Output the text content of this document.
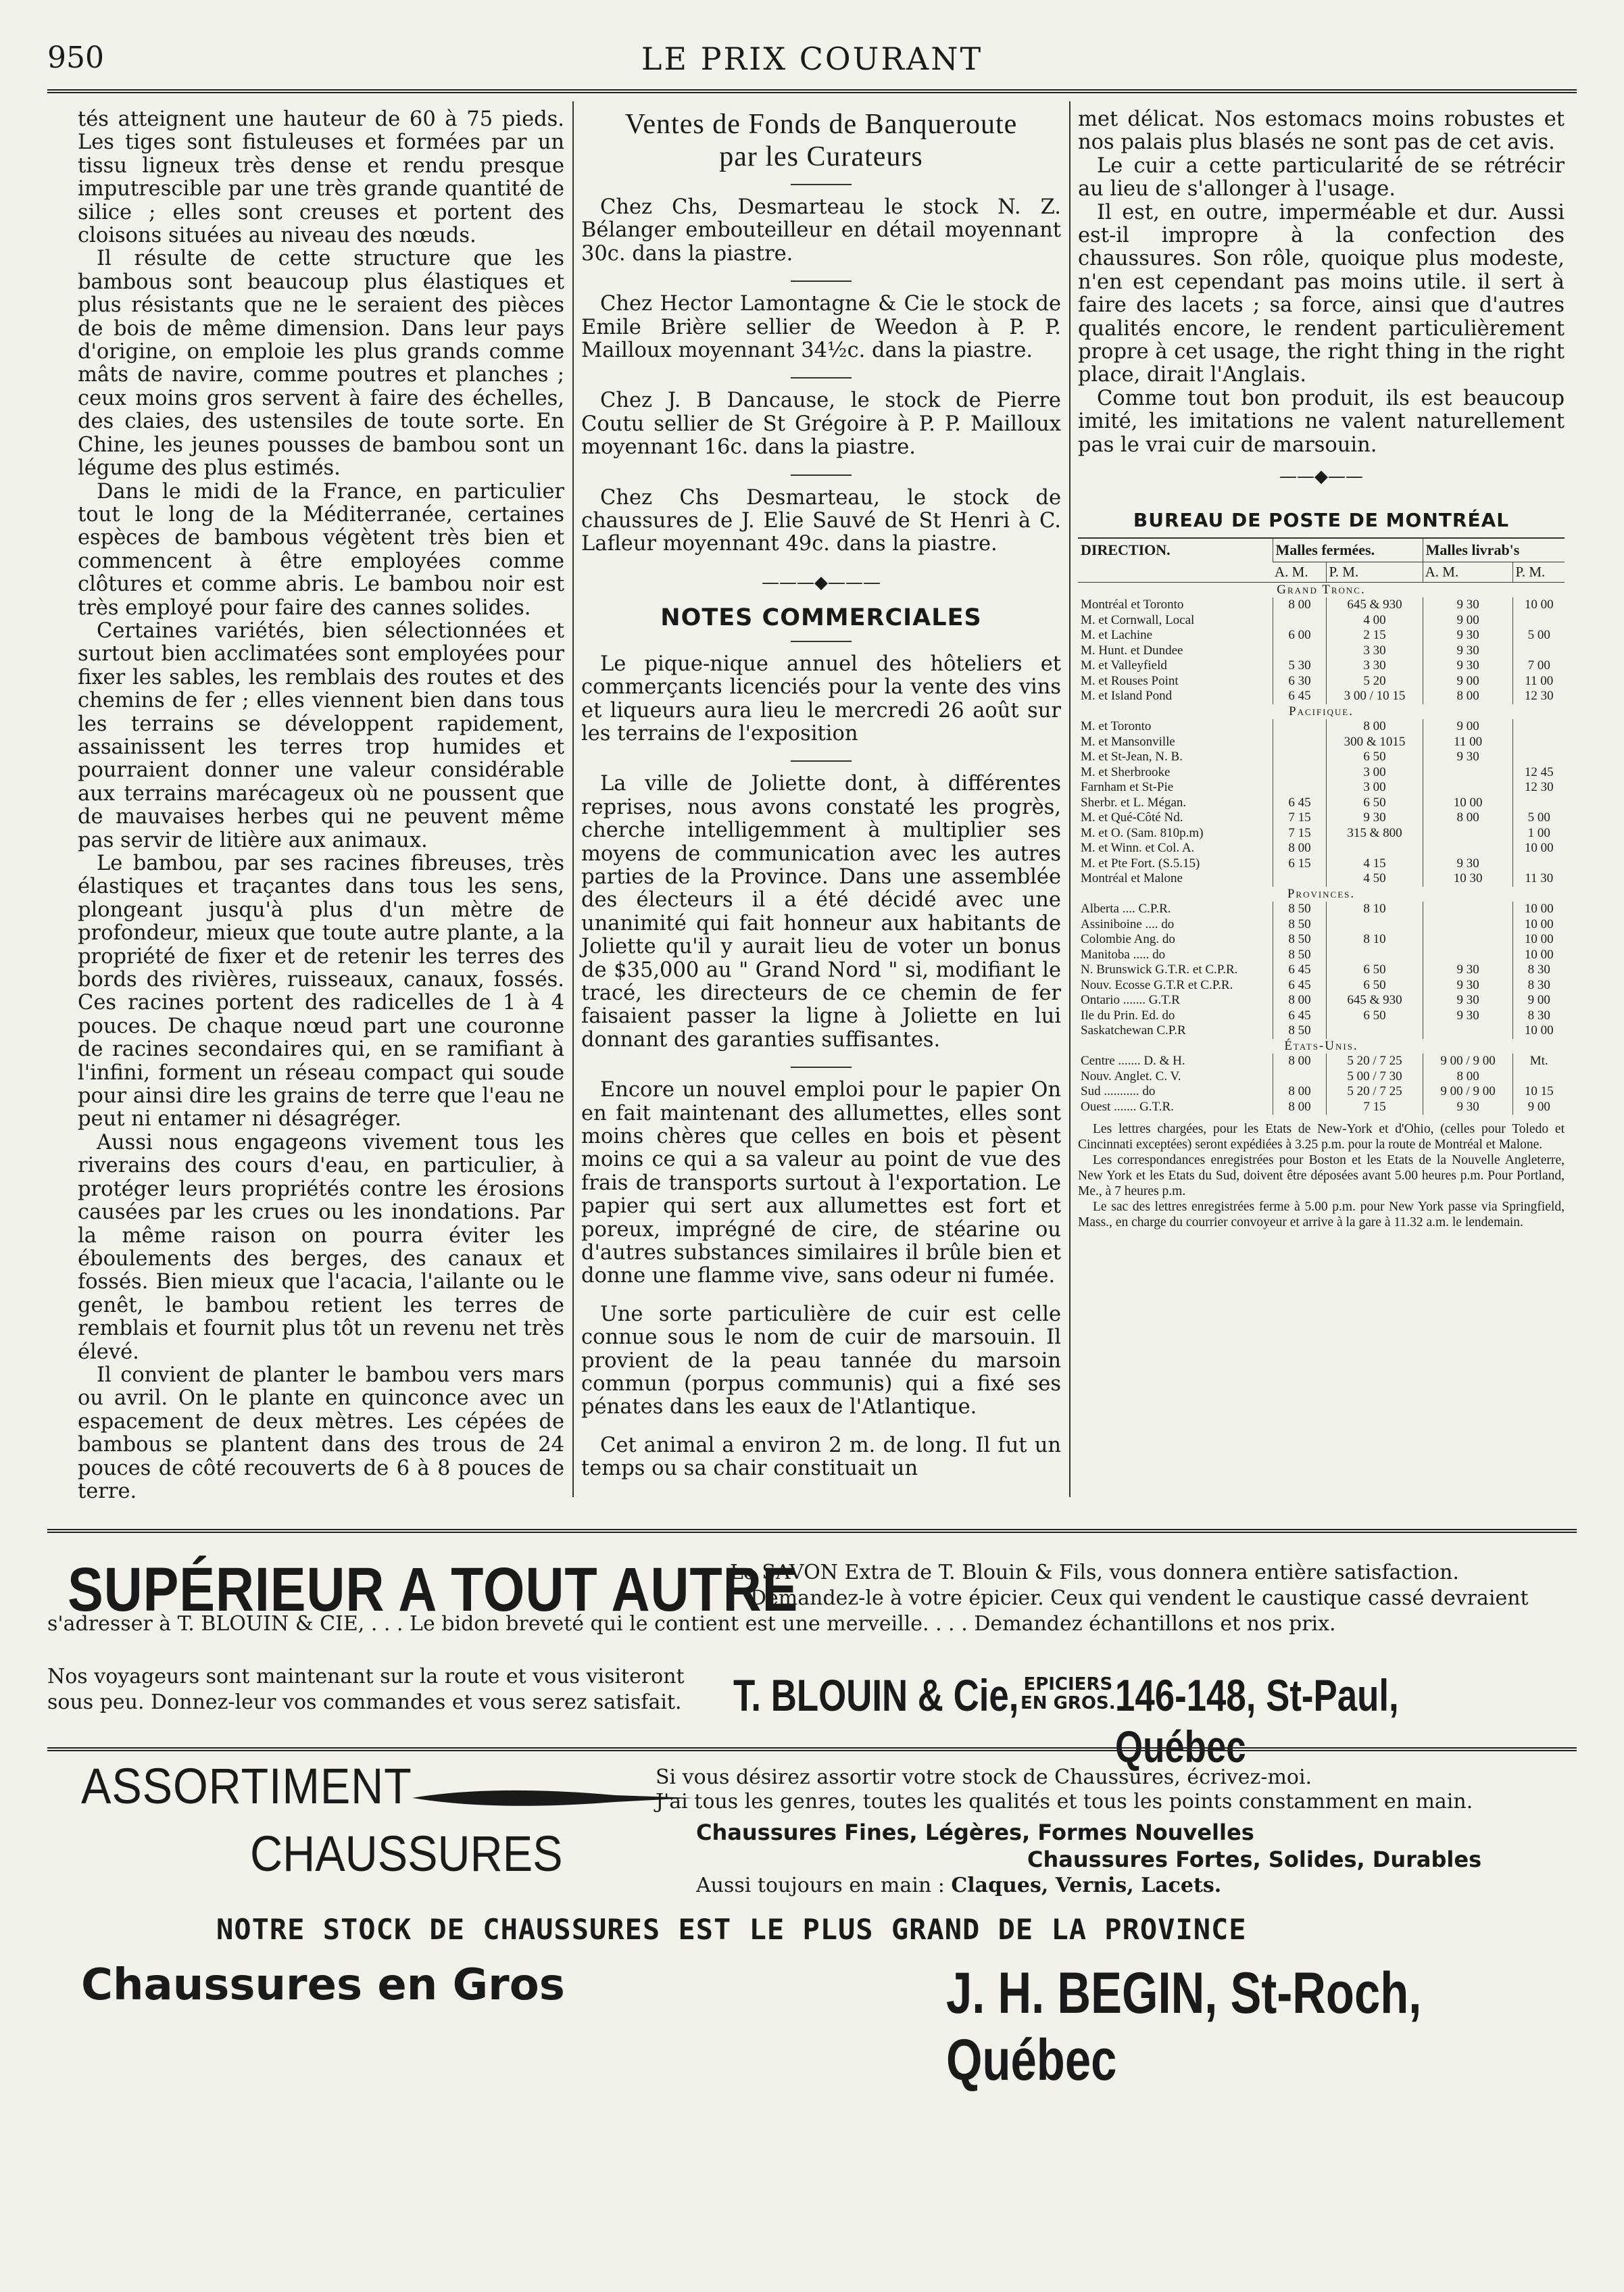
950	LE PRIX COURANT

tés atteignent une hauteur de 60 à 75 pieds. Les tiges sont fistuleuses et formées par un tissu ligneux très dense et rendu presque imputrescible par une très grande quantité de silice ; elles sont creuses et portent des cloisons situées au niveau des nœuds.

Il résulte de cette structure que les bambous sont beaucoup plus élastiques et plus résistants que ne le seraient des pièces de bois de même dimension. Dans leur pays d'origine, on emploie les plus grands comme mâts de navire, comme poutres et planches ; ceux moins gros servent à faire des échelles, des claies, des ustensiles de toute sorte. En Chine, les jeunes pousses de bambou sont un légume des plus estimés.

Dans le midi de la France, en particulier tout le long de la Méditerranée, certaines espèces de bambous végètent très bien et commencent à être employées comme clôtures et comme abris. Le bambou noir est très employé pour faire des cannes solides.

Certaines variétés, bien sélectionnées et surtout bien acclimatées sont employées pour fixer les sables, les remblais des routes et des chemins de fer ; elles viennent bien dans tous les terrains se développent rapidement, assainissent les terres trop humides et pourraient donner une valeur considérable aux terrains marécageux où ne poussent que de mauvaises herbes qui ne peuvent même pas servir de litière aux animaux.

Le bambou, par ses racines fibreuses, très élastiques et traçantes dans tous les sens, plongeant jusqu'à plus d'un mètre de profondeur, mieux que toute autre plante, a la propriété de fixer et de retenir les terres des bords des rivières, ruisseaux, canaux, fossés. Ces racines portent des radicelles de 1 à 4 pouces. De chaque nœud part une couronne de racines secondaires qui, en se ramifiant à l'infini, forment un réseau compact qui soude pour ainsi dire les grains de terre que l'eau ne peut ni entamer ni désagréger.

Aussi nous engageons vivement tous les riverains des cours d'eau, en particulier, à protéger leurs propriétés contre les érosions causées par les crues ou les inondations. Par la même raison on pourra éviter les éboulements des berges, des canaux et fossés. Bien mieux que l'acacia, l'ailante ou le genêt, le bambou retient les terres de remblais et fournit plus tôt un revenu net très élevé.

Il convient de planter le bambou vers mars ou avril. On le plante en quinconce avec un espacement de deux mètres. Les cépées de bambous se plantent dans des trous de 24 pouces de côté recouverts de 6 à 8 pouces de terre.

Ventes de Fonds de Banqueroute
par les Curateurs

Chez Chs, Desmarteau le stock N. Z. Bélanger embouteilleur en détail moyennant 30c. dans la piastre.

Chez Hector Lamontagne & Cie le stock de Emile Brière sellier de Weedon à P. P. Mailloux moyennant 34½c. dans la piastre.

Chez J. B Dancause, le stock de Pierre Coutu sellier de St Grégoire à P. P. Mailloux moyennant 16c. dans la piastre.

Chez Chs Desmarteau, le stock de chaussures de J. Elie Sauvé de St Henri à C. Lafleur moyennant 49c. dans la piastre.

———◆———
NOTES COMMERCIALES

Le pique-nique annuel des hôteliers et commerçants licenciés pour la vente des vins et liqueurs aura lieu le mercredi 26 août sur les terrains de l'exposition

La ville de Joliette dont, à différentes reprises, nous avons constaté les progrès, cherche intelligemment à multiplier ses moyens de communication avec les autres parties de la Province. Dans une assemblée des électeurs il a été décidé avec une unanimité qui fait honneur aux habitants de Joliette qu'il y aurait lieu de voter un bonus de $35,000 au " Grand Nord " si, modifiant le tracé, les directeurs de ce chemin de fer faisaient passer la ligne à Joliette en lui donnant des garanties suffisantes.

Encore un nouvel emploi pour le papier On en fait maintenant des allumettes, elles sont moins chères que celles en bois et pèsent moins ce qui a sa valeur au point de vue des frais de transports surtout à l'exportation. Le papier qui sert aux allumettes est fort et poreux, imprégné de cire, de stéarine ou d'autres substances similaires il brûle bien et donne une flamme vive, sans odeur ni fumée.

Une sorte particulière de cuir est celle connue sous le nom de cuir de marsouin. Il provient de la peau tannée du marsoin commun (porpus communis) qui a fixé ses pénates dans les eaux de l'Atlantique.

Cet animal a environ 2 m. de long. Il fut un temps ou sa chair constituait un

met délicat. Nos estomacs moins robustes et nos palais plus blasés ne sont pas de cet avis.

Le cuir a cette particularité de se rétrécir au lieu de s'allonger à l'usage.

Il est, en outre, imperméable et dur. Aussi est-il impropre à la confection des chaussures. Son rôle, quoique plus modeste, n'en est cependant pas moins utile. il sert à faire des lacets ; sa force, ainsi que d'autres qualités encore, le rendent particulièrement propre à cet usage, the right thing in the right place, dirait l'Anglais.

Comme tout bon produit, ils est beaucoup imité, les imitations ne valent naturellement pas le vrai cuir de marsouin.

——◆——
BUREAU DE POSTE DE MONTRÉAL
DIRECTION.	Malles fermées.		Malles livrab's	
	A. M.	P. M.	A. M.	P. M.
Grand Tronc.				
Montréal et Toronto	8 00	645 & 930	9 30	10 00
M. et Cornwall, Local		4 00	9 00	
M. et Lachine	6 00	2 15	9 30	5 00
M. Hunt. et Dundee		3 30	9 30	
M. et Valleyfield	5 30	3 30	9 30	7 00
M. et Rouses Point	6 30	5 20	9 00	11 00
M. et Island Pond	6 45	3 00 / 10 15	8 00	12 30
Pacifique.				
M. et Toronto		8 00	9 00	
M. et Mansonville		300 & 1015	11 00	
M. et St-Jean, N. B.		6 50	9 30	
M. et Sherbrooke		3 00		12 45
Farnham et St-Pie		3 00		12 30
Sherbr. et L. Mégan.	6 45	6 50	10 00	
M. et Qué-Côté Nd.	7 15	9 30	8 00	5 00
M. et O. (Sam. 810p.m)	7 15	315 & 800		1 00
M. et Winn. et Col. A.	8 00			10 00
M. et Pte Fort. (S.5.15)	6 15	4 15	9 30	
Montréal et Malone		4 50	10 30	11 30
Provinces.				
Alberta .... C.P.R.	8 50	8 10		10 00
Assiniboine .... do	8 50			10 00
Colombie Ang. do	8 50	8 10		10 00
Manitoba ..... do	8 50			10 00
N. Brunswick G.T.R. et C.P.R.	6 45	6 50	9 30	8 30
Nouv. Ecosse G.T.R et C.P.R.	6 45	6 50	9 30	8 30
Ontario ....... G.T.R	8 00	645 & 930	9 30	9 00
Ile du Prin. Ed. do	6 45	6 50	9 30	8 30
Saskatchewan C.P.R	8 50			10 00
États-Unis.				
Centre ....... D. & H.	8 00	5 20 / 7 25	9 00 / 9 00	Mt.
Nouv. Anglet. C. V.		5 00 / 7 30	8 00	
Sud ........... do	8 00	5 20 / 7 25	9 00 / 9 00	10 15
Ouest ....... G.T.R.	8 00	7 15	9 30	9 00

Les lettres chargées, pour les Etats de New-York et d'Ohio, (celles pour Toledo et Cincinnati exceptées) seront expédiées à 3.25 p.m. pour la route de Montréal et Malone.

Les correspondances enregistrées pour Boston et les Etats de la Nouvelle Angleterre, New York et les Etats du Sud, doivent être déposées avant 5.00 heures p.m. Pour Portland, Me., à 7 heures p.m.

Le sac des lettres enregistrées ferme à 5.00 p.m. pour New York passe via Springfield, Mass., en charge du courrier convoyeur et arrive à la gare à 11.32 a.m. le lendemain.

SUPÉRIEUR A TOUT AUTRE
Le SAVON Extra de T. Blouin & Fils, vous donnera entière satisfaction.
Demandez-le à votre épicier. Ceux qui vendent le caustique cassé devraient
s'adresser à T. BLOUIN & CIE, . . . Le bidon breveté qui le contient est une merveille. . . . Demandez échantillons et nos prix.
Nos voyageurs sont maintenant sur la route et vous visiteront
sous peu. Donnez-leur vos commandes et vous serez satisfait. T. BLOUIN & Cie, EPICIERS
EN GROS. 146-148, St-Paul, Québec
ASSORTIMENT
CHAUSSURES
Si vous désirez assortir votre stock de Chaussures, écrivez-moi.
J'ai tous les genres, toutes les qualités et tous les points constamment en main.
Chaussures Fines, Légères, Formes Nouvelles
Chaussures Fortes, Solides, Durables
Aussi toujours en main : Claques, Vernis, Lacets.
NOTRE STOCK DE CHAUSSURES EST LE PLUS GRAND DE LA PROVINCE
Chaussures en Gros	J. H. BEGIN, St-Roch, Québec
